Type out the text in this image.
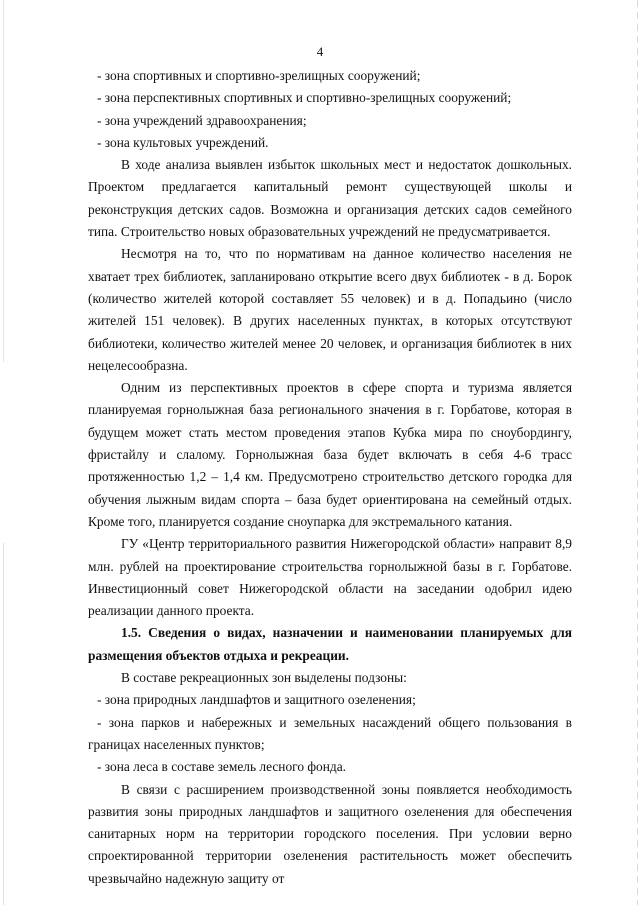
4

- зона спортивных и спортивно-зрелищных сооружений;

- зона перспективных спортивных и спортивно-зрелищных сооружений;

- зона учреждений здравоохранения;

- зона культовых учреждений.

В ходе анализа выявлен избыток школьных мест и недостаток дошкольных. Проектом предлагается капитальный ремонт существующей школы и реконструкция детских садов. Возможна и организация детских садов семейного типа. Строительство новых образовательных учреждений не предусматривается.

Несмотря на то, что по нормативам на данное количество населения не хватает трех библиотек, запланировано открытие всего двух библиотек - в д. Борок (количество жителей которой составляет 55 человек) и в д. Попадьино (число жителей 151 человек). В других населенных пунктах, в которых отсутствуют библиотеки, количество жителей менее 20 человек, и организация библиотек в них нецелесообразна.

Одним из перспективных проектов в сфере спорта и туризма является планируемая горнолыжная база регионального значения в г. Горбатове, которая в будущем может стать местом проведения этапов Кубка мира по сноубордингу, фристайлу и слалому. Горнолыжная база будет включать в себя 4-6 трасс протяженностью 1,2 – 1,4 км. Предусмотрено строительство детского городка для обучения лыжным видам спорта – база будет ориентирована на семейный отдых. Кроме того, планируется создание сноупарка для экстремального катания.

ГУ «Центр территориального развития Нижегородской области» направит 8,9 млн. рублей на проектирование строительства горнолыжной базы в г. Горбатове. Инвестиционный совет Нижегородской области на заседании одобрил идею реализации данного проекта.

1.5. Сведения о видах, назначении и наименовании планируемых для размещения объектов отдыха и рекреации.

В составе рекреационных зон выделены подзоны:

- зона природных ландшафтов и защитного озеленения;

- зона парков и набережных и земельных насаждений общего пользования в границах населенных пунктов;

- зона леса в составе земель лесного фонда.

В связи с расширением производственной зоны появляется необходимость развития зоны природных ландшафтов и защитного озеленения для обеспечения санитарных норм на территории городского поселения. При условии верно спроектированной территории озеленения растительность может обеспечить чрезвычайно надежную защиту от
